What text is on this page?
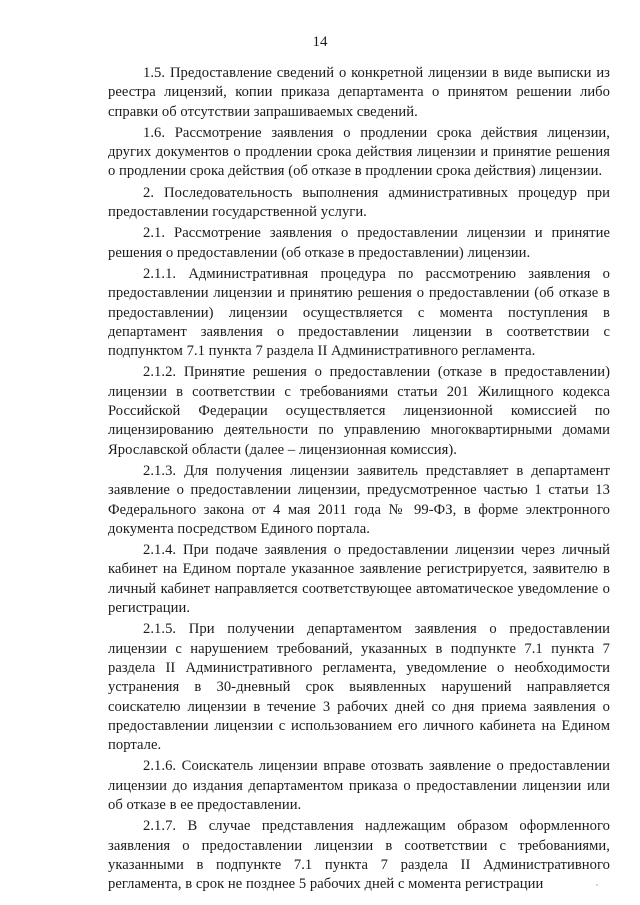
14

1.5. Предоставление сведений о конкретной лицензии в виде выписки из реестра лицензий, копии приказа департамента о принятом решении либо справки об отсутствии запрашиваемых сведений.

1.6. Рассмотрение заявления о продлении срока действия лицензии, других документов о продлении срока действия лицензии и принятие решения о продлении срока действия (об отказе в продлении срока действия) лицензии.

2. Последовательность выполнения административных процедур при предоставлении государственной услуги.

2.1. Рассмотрение заявления о предоставлении лицензии и принятие решения о предоставлении (об отказе в предоставлении) лицензии.

2.1.1. Административная процедура по рассмотрению заявления о предоставлении лицензии и принятию решения о предоставлении (об отказе в предоставлении) лицензии осуществляется с момента поступления в департамент заявления о предоставлении лицензии в соответствии с подпунктом 7.1 пункта 7 раздела II Административного регламента.

2.1.2. Принятие решения о предоставлении (отказе в предоставлении) лицензии в соответствии с требованиями статьи 201 Жилищного кодекса Российской Федерации осуществляется лицензионной комиссией по лицензированию деятельности по управлению многоквартирными домами Ярославской области (далее – лицензионная комиссия).

2.1.3. Для получения лицензии заявитель представляет в департамент заявление о предоставлении лицензии, предусмотренное частью 1 статьи 13 Федерального закона от 4 мая 2011 года № 99-ФЗ, в форме электронного документа посредством Единого портала.

2.1.4. При подаче заявления о предоставлении лицензии через личный кабинет на Едином портале указанное заявление регистрируется, заявителю в личный кабинет направляется соответствующее автоматическое уведомление о регистрации.

2.1.5. При получении департаментом заявления о предоставлении лицензии с нарушением требований, указанных в подпункте 7.1 пункта 7 раздела II Административного регламента, уведомление о необходимости устранения в 30-дневный срок выявленных нарушений направляется соискателю лицензии в течение 3 рабочих дней со дня приема заявления о предоставлении лицензии с использованием его личного кабинета на Едином портале.

2.1.6. Соискатель лицензии вправе отозвать заявление о предоставлении лицензии до издания департаментом приказа о предоставлении лицензии или об отказе в ее предоставлении.

2.1.7. В случае представления надлежащим образом оформленного заявления о предоставлении лицензии в соответствии с требованиями, указанными в подпункте 7.1 пункта 7 раздела II Административного регламента, в срок не позднее 5 рабочих дней с момента регистрации
